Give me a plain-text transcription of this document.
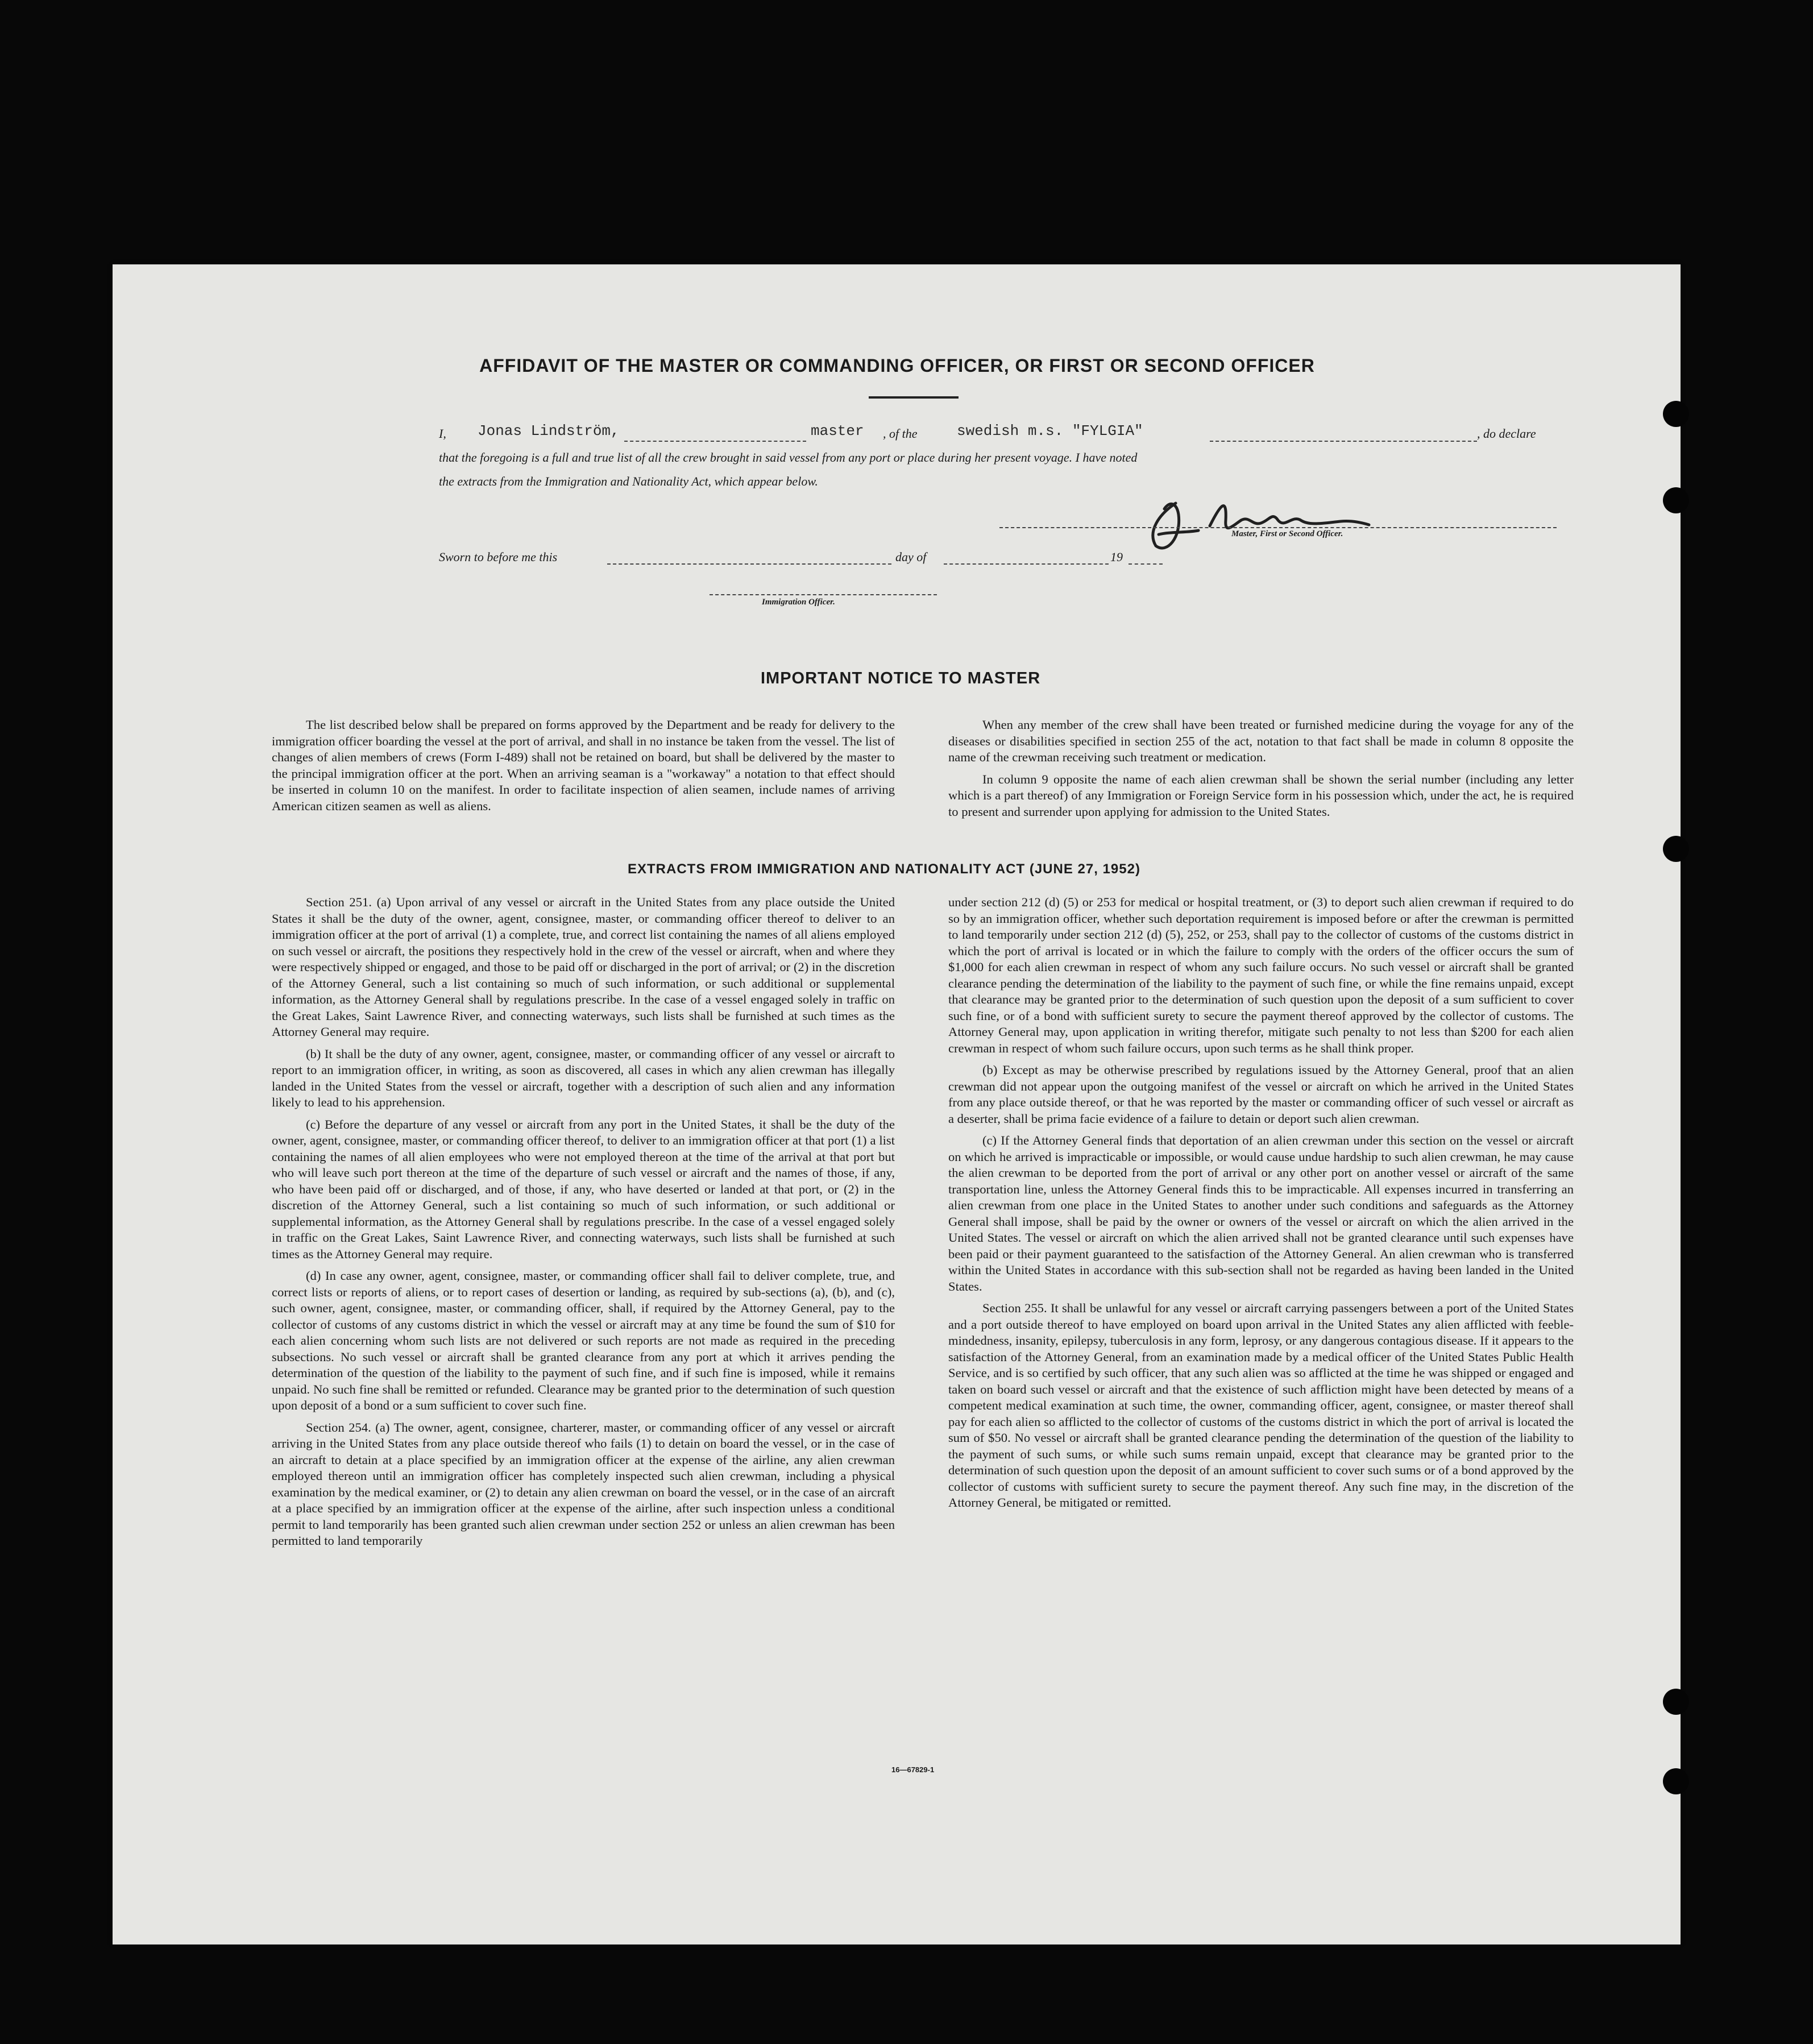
AFFIDAVIT OF THE MASTER OR COMMANDING OFFICER, OR FIRST OR SECOND OFFICER
I, Jonas Lindström,	master , of the	swedish m.s. "FYLGIA"	, do declare
that the foregoing is a full and true list of all the crew brought in said vessel from any port or place during her present voyage. I have noted
the extracts from the Immigration and Nationality Act, which appear below.
Master, First or Second Officer.
Sworn to before me this	day of	19
Immigration Officer.
IMPORTANT NOTICE TO MASTER

The list described below shall be prepared on forms approved by the Department and be ready for delivery to the immigration officer boarding the vessel at the port of arrival, and shall in no instance be taken from the vessel. The list of changes of alien members of crews (Form I-489) shall not be retained on board, but shall be delivered by the master to the principal immigration officer at the port. When an arriving seaman is a "workaway" a notation to that effect should be inserted in column 10 on the manifest. In order to facilitate inspection of alien seamen, include names of arriving American citizen seamen as well as aliens.

When any member of the crew shall have been treated or furnished medicine during the voyage for any of the diseases or disabilities specified in section 255 of the act, notation to that fact shall be made in column 8 opposite the name of the crewman receiving such treatment or medication.

In column 9 opposite the name of each alien crewman shall be shown the serial number (including any letter which is a part thereof) of any Immigration or Foreign Service form in his possession which, under the act, he is required to present and surrender upon applying for admission to the United States.

EXTRACTS FROM IMMIGRATION AND NATIONALITY ACT (JUNE 27, 1952)

Section 251. (a) Upon arrival of any vessel or aircraft in the United States from any place outside the United States it shall be the duty of the owner, agent, consignee, master, or commanding officer thereof to deliver to an immigration officer at the port of arrival (1) a complete, true, and correct list containing the names of all aliens employed on such vessel or aircraft, the positions they respectively hold in the crew of the vessel or aircraft, when and where they were respectively shipped or engaged, and those to be paid off or discharged in the port of arrival; or (2) in the discretion of the Attorney General, such a list containing so much of such information, or such additional or supplemental information, as the Attorney General shall by regulations prescribe. In the case of a vessel engaged solely in traffic on the Great Lakes, Saint Lawrence River, and connecting waterways, such lists shall be furnished at such times as the Attorney General may require.

(b) It shall be the duty of any owner, agent, consignee, master, or commanding officer of any vessel or aircraft to report to an immigration officer, in writing, as soon as discovered, all cases in which any alien crewman has illegally landed in the United States from the vessel or aircraft, together with a description of such alien and any information likely to lead to his apprehension.

(c) Before the departure of any vessel or aircraft from any port in the United States, it shall be the duty of the owner, agent, consignee, master, or commanding officer thereof, to deliver to an immigration officer at that port (1) a list containing the names of all alien employees who were not employed thereon at the time of the arrival at that port but who will leave such port thereon at the time of the departure of such vessel or aircraft and the names of those, if any, who have been paid off or discharged, and of those, if any, who have deserted or landed at that port, or (2) in the discretion of the Attorney General, such a list containing so much of such information, or such additional or supplemental information, as the Attorney General shall by regulations prescribe. In the case of a vessel engaged solely in traffic on the Great Lakes, Saint Lawrence River, and connecting waterways, such lists shall be furnished at such times as the Attorney General may require.

(d) In case any owner, agent, consignee, master, or commanding officer shall fail to deliver complete, true, and correct lists or reports of aliens, or to report cases of desertion or landing, as required by sub-sections (a), (b), and (c), such owner, agent, consignee, master, or commanding officer, shall, if required by the Attorney General, pay to the collector of customs of any customs district in which the vessel or aircraft may at any time be found the sum of $10 for each alien concerning whom such lists are not delivered or such reports are not made as required in the preceding subsections. No such vessel or aircraft shall be granted clearance from any port at which it arrives pending the determination of the question of the liability to the payment of such fine, and if such fine is imposed, while it remains unpaid. No such fine shall be remitted or refunded. Clearance may be granted prior to the determination of such question upon deposit of a bond or a sum sufficient to cover such fine.

Section 254. (a) The owner, agent, consignee, charterer, master, or commanding officer of any vessel or aircraft arriving in the United States from any place outside thereof who fails (1) to detain on board the vessel, or in the case of an aircraft to detain at a place specified by an immigration officer at the expense of the airline, any alien crewman employed thereon until an immigration officer has completely inspected such alien crewman, including a physical examination by the medical examiner, or (2) to detain any alien crewman on board the vessel, or in the case of an aircraft at a place specified by an immigration officer at the expense of the airline, after such inspection unless a conditional permit to land temporarily has been granted such alien crewman under section 252 or unless an alien crewman has been permitted to land temporarily

under section 212 (d) (5) or 253 for medical or hospital treatment, or (3) to deport such alien crewman if required to do so by an immigration officer, whether such deportation requirement is imposed before or after the crewman is permitted to land temporarily under section 212 (d) (5), 252, or 253, shall pay to the collector of customs of the customs district in which the port of arrival is located or in which the failure to comply with the orders of the officer occurs the sum of $1,000 for each alien crewman in respect of whom any such failure occurs. No such vessel or aircraft shall be granted clearance pending the determination of the liability to the payment of such fine, or while the fine remains unpaid, except that clearance may be granted prior to the determination of such question upon the deposit of a sum sufficient to cover such fine, or of a bond with sufficient surety to secure the payment thereof approved by the collector of customs. The Attorney General may, upon application in writing therefor, mitigate such penalty to not less than $200 for each alien crewman in respect of whom such failure occurs, upon such terms as he shall think proper.

(b) Except as may be otherwise prescribed by regulations issued by the Attorney General, proof that an alien crewman did not appear upon the outgoing manifest of the vessel or aircraft on which he arrived in the United States from any place outside thereof, or that he was reported by the master or commanding officer of such vessel or aircraft as a deserter, shall be prima facie evidence of a failure to detain or deport such alien crewman.

(c) If the Attorney General finds that deportation of an alien crewman under this section on the vessel or aircraft on which he arrived is impracticable or impossible, or would cause undue hardship to such alien crewman, he may cause the alien crewman to be deported from the port of arrival or any other port on another vessel or aircraft of the same transportation line, unless the Attorney General finds this to be impracticable. All expenses incurred in transferring an alien crewman from one place in the United States to another under such conditions and safeguards as the Attorney General shall impose, shall be paid by the owner or owners of the vessel or aircraft on which the alien arrived in the United States. The vessel or aircraft on which the alien arrived shall not be granted clearance until such expenses have been paid or their payment guaranteed to the satisfaction of the Attorney General. An alien crewman who is transferred within the United States in accordance with this sub-section shall not be regarded as having been landed in the United States.

Section 255. It shall be unlawful for any vessel or aircraft carrying passengers between a port of the United States and a port outside thereof to have employed on board upon arrival in the United States any alien afflicted with feeble-mindedness, insanity, epilepsy, tuberculosis in any form, leprosy, or any dangerous contagious disease. If it appears to the satisfaction of the Attorney General, from an examination made by a medical officer of the United States Public Health Service, and is so certified by such officer, that any such alien was so afflicted at the time he was shipped or engaged and taken on board such vessel or aircraft and that the existence of such affliction might have been detected by means of a competent medical examination at such time, the owner, commanding officer, agent, consignee, or master thereof shall pay for each alien so afflicted to the collector of customs of the customs district in which the port of arrival is located the sum of $50. No vessel or aircraft shall be granted clearance pending the determination of the question of the liability to the payment of such sums, or while such sums remain unpaid, except that clearance may be granted prior to the determination of such question upon the deposit of an amount sufficient to cover such sums or of a bond approved by the collector of customs with sufficient surety to secure the payment thereof. Any such fine may, in the discretion of the Attorney General, be mitigated or remitted.

16—67829-1
